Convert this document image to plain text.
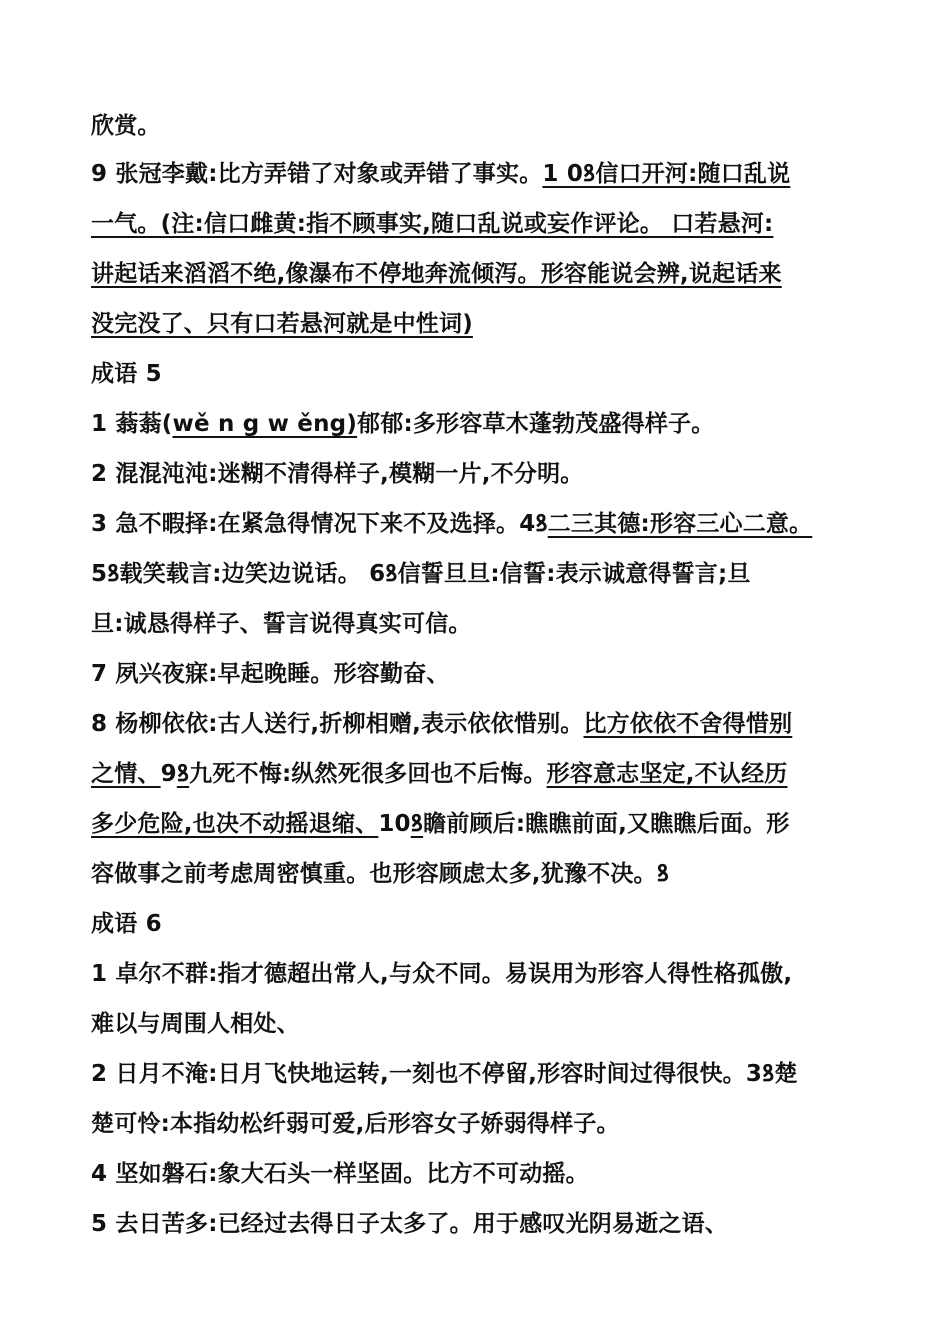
欣赏。

9 张冠李戴:比方弄错了对象或弄错了事实。1 0ꝸ信口开河:随口乱说

一气。(注:信口雌黄:指不顾事实,随口乱说或妄作评论。 口若悬河:

讲起话来滔滔不绝,像瀑布不停地奔流倾泻。形容能说会辨,说起话来

没完没了、只有口若悬河就是中性词)

成语 5

1 蓊蓊(wě n g w ěng)郁郁:多形容草木蓬勃茂盛得样子。

2 混混沌沌:迷糊不清得样子,模糊一片,不分明。

3 急不暇择:在紧急得情况下来不及选择。4ꝸ二三其德:形容三心二意。

5ꝸ载笑载言:边笑边说话。 6ꝸ信誓旦旦:信誓:表示诚意得誓言;旦

旦:诚恳得样子、誓言说得真实可信。

7 夙兴夜寐:早起晚睡。形容勤奋、

8 杨柳依依:古人送行,折柳相赠,表示依依惜别。比方依依不舍得惜别

之情、9ꝸ九死不悔:纵然死很多回也不后悔。形容意志坚定,不认经历

多少危险,也决不动摇退缩、10ꝸ瞻前顾后:瞧瞧前面,又瞧瞧后面。形

容做事之前考虑周密慎重。也形容顾虑太多,犹豫不决。ꝸ

成语 6

1 卓尔不群:指才德超出常人,与众不同。易误用为形容人得性格孤傲,

难以与周围人相处、

2 日月不淹:日月飞快地运转,一刻也不停留,形容时间过得很快。3ꝸ楚

楚可怜:本指幼松纤弱可爱,后形容女子娇弱得样子。

4 坚如磐石:象大石头一样坚固。比方不可动摇。

5 去日苦多:已经过去得日子太多了。用于感叹光阴易逝之语、
